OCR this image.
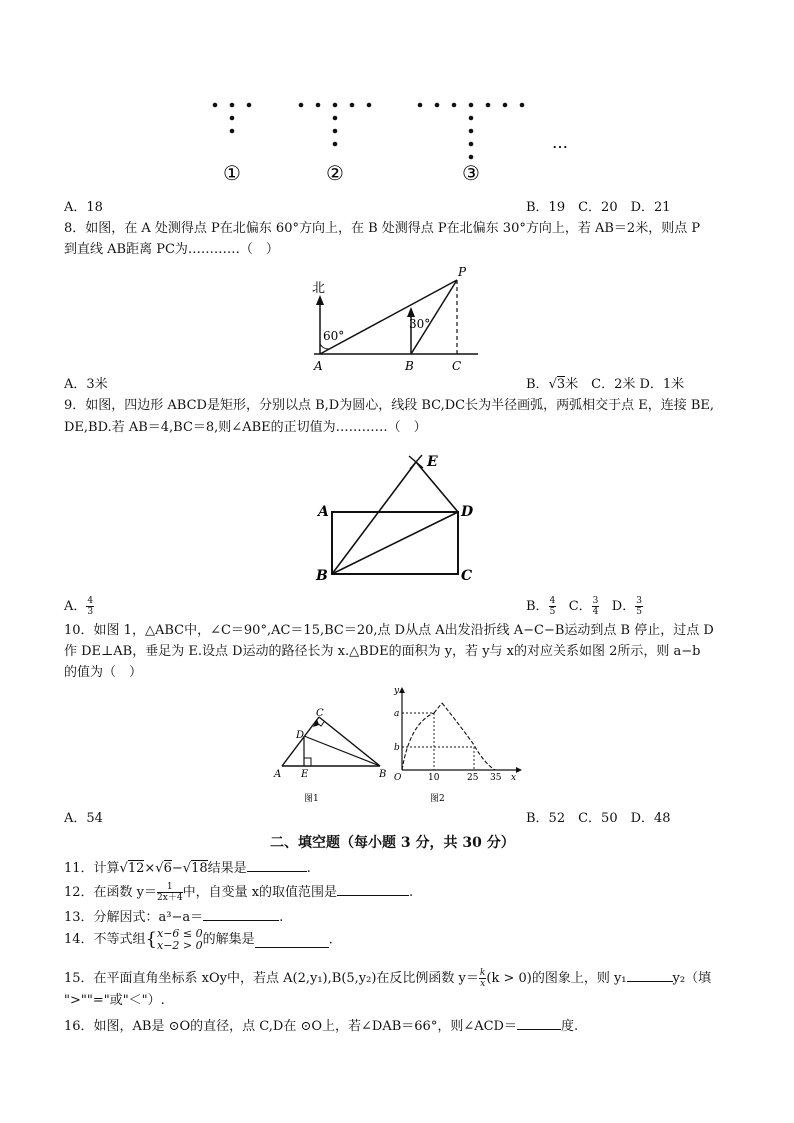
①	②	③
…
A．18	B．19　C．20　D．21
8．如图，在 A 处测得点 P在北偏东 60°方向上，在 B 处测得点 P在北偏东 30°方向上，若 AB＝2米，则点 P
到直线 AB距离 PC为…………（　）
北
60°
30°
A	B	C
P
A．3米	B．√3米　C．2米 D．1米
9．如图，四边形 ABCD是矩形，分别以点 B,D为圆心，线段 BC,DC长为半径画弧，两弧相交于点 E，连接 BE,
DE,BD.若 AB＝4,BC＝8,则∠ABE的正切值为…………（　）
A
B	C
D
E
A． $\frac{4}{3}$	B． $\frac{4}{5}$ C． $\frac{3}{4}$ D． $\frac{3}{5}$
10．如图 1，△ABC中，∠C＝90°,AC＝15,BC＝20,点 D从点 A出发沿折线 A−C−B运动到点 B 停止，过点 D
作 DE⊥AB，垂足为 E.设点 D运动的路径长为 x.△BDE的面积为 y，若 y与 x的对应关系如图 2所示，则 a−b
的值为（　）
A	B
C
D
E
图1
y
x
O
a
b
10	25 35
图2
A．54	B．52　C．50　D．48
二、填空题（每小题 3 分，共 30 分）
11．计算√12×√6−√18结果是	.
12．在函数 $y= \frac{1}{2x+4}$ 中，自变量 x的取值范围是	.
13．分解因式：a³−a＝	.
14．不等式组{ x−6 ≤ 0
x−2 > 0 的解集是	.
15．在平面直角坐标系 xOy中，若点 A(2,y₁),B(5,y₂)在反比例函数 $y= \frac{k}{x} (k > 0)$的图象上，则 y₁	y₂（填
">""="或"＜"）.
16．如图，AB是 ⊙O的直径，点 C,D在 ⊙O上，若∠DAB＝66°，则∠ACD＝	度.
